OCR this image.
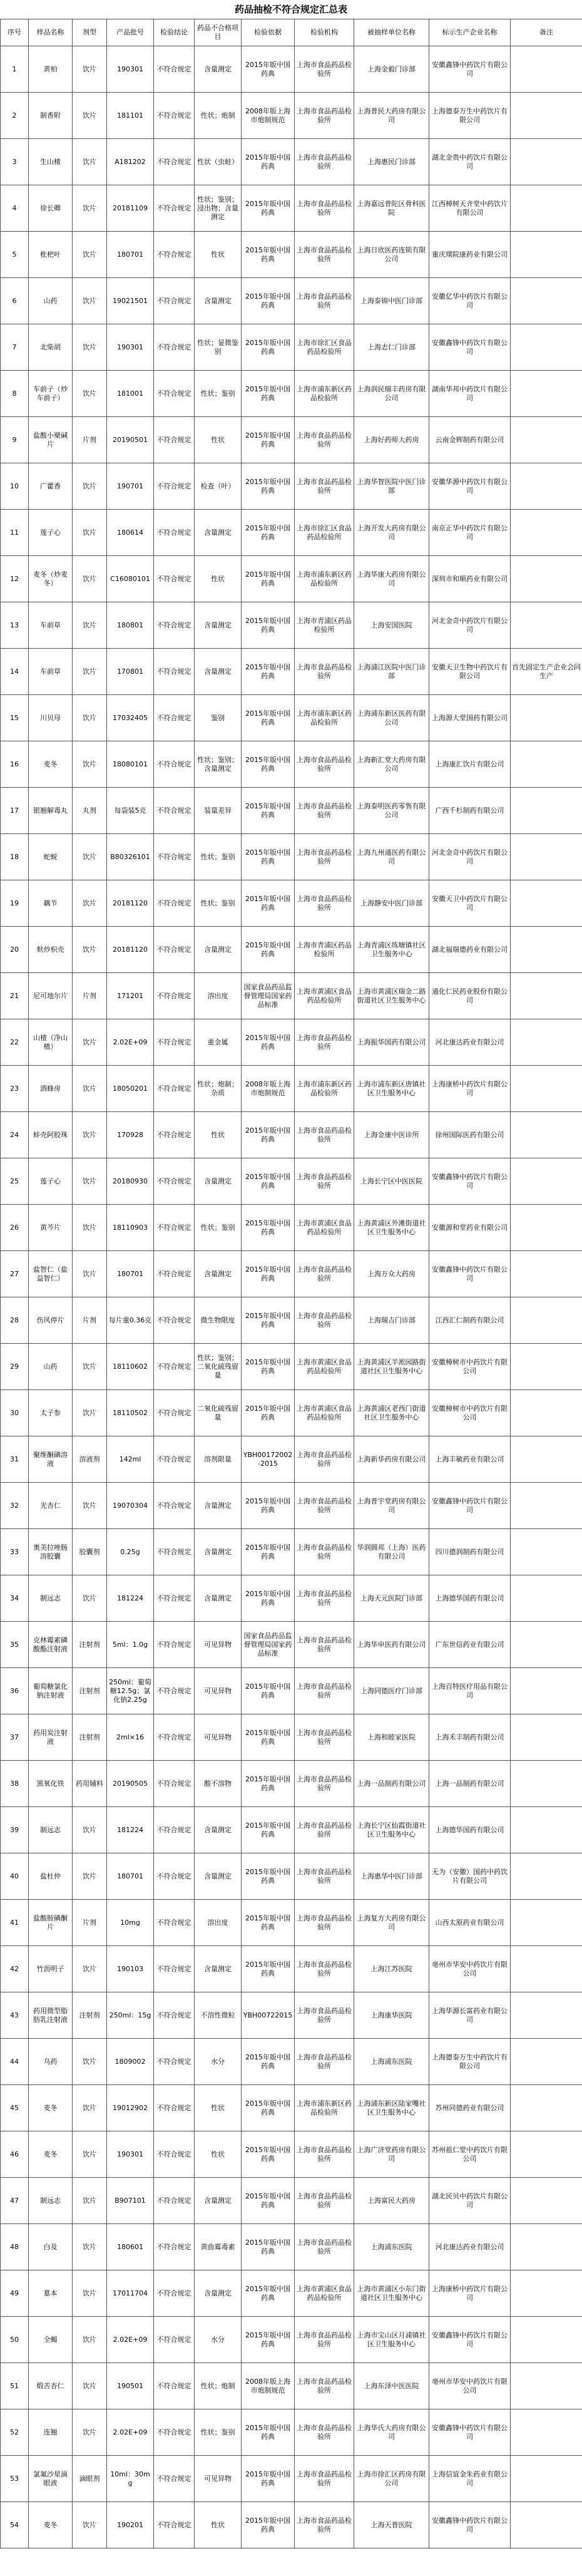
药品抽检不符合规定汇总表
序号	样品名称	剂型	产品批号	检验结论	药品不合格项目	检验依据	检验机构	被抽样单位名称	标示生产企业名称	备注
1	黄柏	饮片	190301	不符合规定	含量测定	2015年版中国药典	上海市食品药品检验所	上海金毅门诊部	安徽鑫锋中药饮片有限公司	
2	制香附	饮片	181101	不符合规定	性状；炮制	2008年版上海市炮制规范	上海市食品药品检验所	上海普民大药房有限公司	上海德泰万生中药饮片有限公司	
3	生山楂	饮片	A181202	不符合规定	性状（虫蛀）	2015年版中国药典	上海市食品药品检验所	上海惠民门诊部	湖北金贵中药饮片有限公司	
4	徐长卿	饮片	20181109	不符合规定	性状；鉴别；浸出物；含量测定	2015年版中国药典	上海市食品药品检验所	上海嘉远普陀区骨科医院	江西樟树天齐堂中药饮片有限公司	
5	枇杷叶	饮片	180701	不符合规定	性状	2015年版中国药典	上海市食品药品检验所	上海日欣医药连锁有限公司	重庆璞院康药业有限公司	
6	山药	饮片	19021501	不符合规定	含量测定	2015年版中国药典	上海市食品药品检验所	上海泰锦中医门诊部	安徽亿华中药饮片有限公司	
7	北柴胡	饮片	190301	不符合规定	性状；显微鉴别	2015年版中国药典	上海市徐汇区食品药品检验所	上海志仁门诊部	安徽鑫锋中药饮片有限公司	
8	车前子（炒车前子）	饮片	181001	不符合规定	性状；鉴别	2015年版中国药典	上海市浦东新区药品检验所	上海润民瑞丰药房有限公司	湖南华邦中药饮片有限公司	
9	盐酸小檗碱片	片剂	20190501	不符合规定	性状	2015年版中国药典	上海市食品药品检验所	上海好药师大药房	云南金辉制药有限公司	
10	广藿香	饮片	190701	不符合规定	检查（叶）	2015年版中国药典	上海市食品药品检验所	上海华智医院中医门诊部	安徽华源中药饮片有限公司	
11	莲子心	饮片	180614	不符合规定	含量测定	2015年版中国药典	上海市徐汇区食品药品检验所	上海开发大药房有限公司	南京正华中药饮片有限公司	
12	麦冬（炒麦冬）	饮片	C16080101	不符合规定	性状	2015年版中国药典	上海市浦东新区药品检验所	上海华康大药房有限公司	深圳市和顺药业有限公司	
13	车前草	饮片	180801	不符合规定	含量测定	2015年版中国药典	上海市青浦区药品检验所	上海安国医院	河北金奇中药饮片有限公司	
14	车前草	饮片	170801	不符合规定	含量测定	2015年版中国药典	上海市食品药品检验所	上海浦江医院中医门诊部	安徽天卫生物中药饮片有限公司	首先固定生产企业会同生产
15	川贝母	饮片	17032405	不符合规定	鉴别	2015年版中国药典	上海市浦东新区药品检验所	上海浦东新区医药有限公司	上海源大堂国药有限公司	
16	麦冬	饮片	18080101	不符合规定	性状；鉴别；含量测定	2015年版中国药典	上海市食品药品检验所	上海新汇堂大药房有限公司	上海康汇饮片有限公司	
17	银翘解毒丸	丸剂	每袋装5克	不符合规定	装量差异	2015年版中国药典	上海市食品药品检验所	上海泰明医药零售有限公司	广西千杉制药有限公司	
18	蛇蜕	饮片	B80326101	不符合规定	性状；鉴别	2015年版中国药典	上海市食品药品检验所	上海九州通医药有限公司	河北金奇中药饮片有限公司	
19	藕节	饮片	20181120	不符合规定	性状；鉴别	2015年版中国药典	上海市食品药品检验所	上海静安中医门诊部	安徽天卫中药饮片有限公司	
20	麸炒枳壳	饮片	20181120	不符合规定	含量测定	2015年版中国药典	上海市青浦区药品检验所	上海青浦区练塘镇社区卫生服务中心	湖北福瑞德药业有限公司	
21	尼可地尔片	片剂	171201	不符合规定	溶出度	国家食品药品监督管理局国家药品标准	上海市黄浦区食品药品检验所	上海市黄浦区瑞金二路街道社区卫生服务中心	通化仁民药业股份有限公司	
22	山楂（净山楂）	饮片	2.02E+09	不符合规定	重金属	2015年版中国药典	上海市食品药品检验所	上海振华国药有限公司	河北康达药业有限公司	
23	酒蜂房	饮片	18050201	不符合规定	性状；炮制；杂质	2008年版上海市炮制规范	上海市浦东新区药品检验所	上海市浦东新区唐镇社区卫生服务中心	上海康桥中药饮片有限公司	
24	蚌壳阿胶珠	饮片	170928	不符合规定	性状	2015年版中国药典	上海市食品药品检验所	上海金康中医诊所	徐州国际医药有限公司	
25	莲子心	饮片	20180930	不符合规定	含量测定	2015年版中国药典	上海市食品药品检验所	上海长宁区中医医院	安徽鑫锋中药饮片有限公司	
26	黄芩片	饮片	18110903	不符合规定	性状；鉴别	2015年版中国药典	上海市黄浦区食品药品检验所	上海黄浦区外滩街道社区卫生服务中心	安徽源和堂药业有限公司	
27	盐智仁（盐益智仁）	饮片	180701	不符合规定	含量测定	2015年版中国药典	上海市食品药品检验所	上海万众大药房	安徽鑫锋中药饮片有限公司	
28	伤风停片	片剂	每片重0.36克	不符合规定	微生物限度	2015年版中国药典	上海市食品药品检验所	上海瑞吉门诊部	江西汇仁制药有限公司	
29	山药	饮片	18110602	不符合规定	性状；鉴别；二氧化硫残留量	2015年版中国药典	上海市黄浦区食品药品检验所	上海黄浦区半淞园路街道社区卫生服务中心	安徽樟树市中药饮片有限公司	
30	太子参	饮片	18110502	不符合规定	二氧化硫残留量	2015年版中国药典	上海市黄浦区食品药品检验所	上海黄浦区老西门街道社区卫生服务中心	安徽樟树市中药饮片有限公司	
31	聚维酮碘溶液	溶液剂	142ml	不符合规定	溶剂限量	YBH00172002-2015	上海市食品药品检验所	上海新华药房有限公司	上海丰敏药业有限公司	
32	光杏仁	饮片	19070304	不符合规定	含量测定	2015年版中国药典	上海市食品药品检验所	上海普宇堂药房有限公司	安徽鑫锋中药饮片有限公司	
33	奥美拉唑肠溶胶囊	胶囊剂	0.25g	不符合规定	含量测定	2015年版中国药典	上海市食品药品检验所	华润圆邦（上海）医药有限公司	四川德润制药有限公司	
34	制远志	饮片	181224	不符合规定	含量测定	2015年版中国药典	上海市食品药品检验所	上海天元医院门诊部	上海德华国药有限公司	
35	克林霉素磷酸酯注射液	注射剂	5ml：1.0g	不符合规定	可见异物	国家食品药品监督管理局国家药品标准	上海市食品药品检验所	上海华申医药有限公司	广东世信药业有限公司	
36	葡萄糖氯化钠注射液	注射剂	250ml：葡萄糖12.5g；氯化钠2.25g	不符合规定	可见异物	2015年版中国药典	上海市食品药品检验所	上海同德医疗门诊部	上海百特医疗用品有限公司	
37	药用炭注射液	注射剂	2ml×16	不符合规定	可见异物	2015年版中国药典	上海市食品药品检验所	上海和睦家医院	上海禾丰制药有限公司	
38	黑氧化铁	药用辅料	20190505	不符合规定	酸不溶物	2015年版中国药典	上海市食品药品检验所	上海一品制药有限公司	上海一品制药有限公司	
39	制远志	饮片	181224	不符合规定	含量测定	2015年版中国药典	上海市食品药品检验所	上海长宁区仙霞街道社区卫生服务中心	上海德华国药有限公司	
40	盐杜仲	饮片	180701	不符合规定	含量测定	2015年版中国药典	上海市食品药品检验所	上海惠华中医门诊部	无为（安徽）国药中药饮片有限公司	
41	盐酸胺碘酮片	片剂	10mg	不符合规定	溶出度	2015年版中国药典	上海市食品药品检验所	上海复方大药房有限公司	山西太原药业有限公司	
42	竹沥明子	饮片	190103	不符合规定	含量测定	2015年版中国药典	上海市食品药品检验所	上海江苏医院	亳州市华安中药饮片有限公司	
43	药用微型脂肪乳注射液	注射剂	250ml：15g	不符合规定	不溶性微粒	YBH00722015	上海市食品药品检验所	上海康华医院	上海华源长富药业有限公司	
44	乌药	饮片	1809002	不符合规定	水分	2015年版中国药典	上海市食品药品检验所	上海浦东医院	上海德泰万生中药饮片有限公司	
45	麦冬	饮片	19012902	不符合规定	性状	2015年版中国药典	上海市浦东新区药品检验所	上海浦东新区陆家嘴社区卫生服务中心	苏州同德药业有限公司	
46	麦冬	饮片	190301	不符合规定	性状	2015年版中国药典	上海市食品药品检验所	上海广济堂药房有限公司	苏州祖仁堂中药饮片有限公司	
47	制远志	饮片	B907101	不符合规定	含量测定	2015年版中国药典	上海市食品药品检验所	上海富民大药房	湖北民贝中药饮片有限公司	
48	白及	饮片	180601	不符合规定	黄曲霉毒素	2015年版中国药典	上海市食品药品检验所	上海浦东医院	河北康达药业有限公司	
49	墓本	饮片	17011704	不符合规定	含量测定	2015年版中国药典	上海市黄浦区食品药品检验所	上海市黄浦区小东门街道社区卫生服务中心	上海康桥中药饮片有限公司	
50	全蝎	饮片	2.02E+09	不符合规定	水分	2015年版中国药典	上海市食品药品检验所	上海市宝山区月浦镇社区卫生服务中心	安徽鑫锋中药饮片有限公司	
51	煅苦杏仁	饮片	190501	不符合规定	性状；炮制	2008年版上海市炮制规范	上海市食品药品检验所	上海东泽中医医院	亳州市华安中药饮片有限公司	
52	连翘	饮片	2.02E+09	不符合规定	性状；鉴别	2015年版中国药典	上海市食品药品检验所	上海华氏大药房有限公司	安徽鑫锋中药饮片有限公司	
53	氯氟沙星滴眼液	滴眼剂	10ml：30mg	不符合规定	可见异物	2015年版中国药典	上海市食品药品检验所	上海市徐汇区药房有限公司	上海信谊金朱药业有限公司	
54	麦冬	饮片	190201	不符合规定	性状	2015年版中国药典	上海市食品药品检验所	上海天普医院	安徽鑫锋中药饮片有限公司	
